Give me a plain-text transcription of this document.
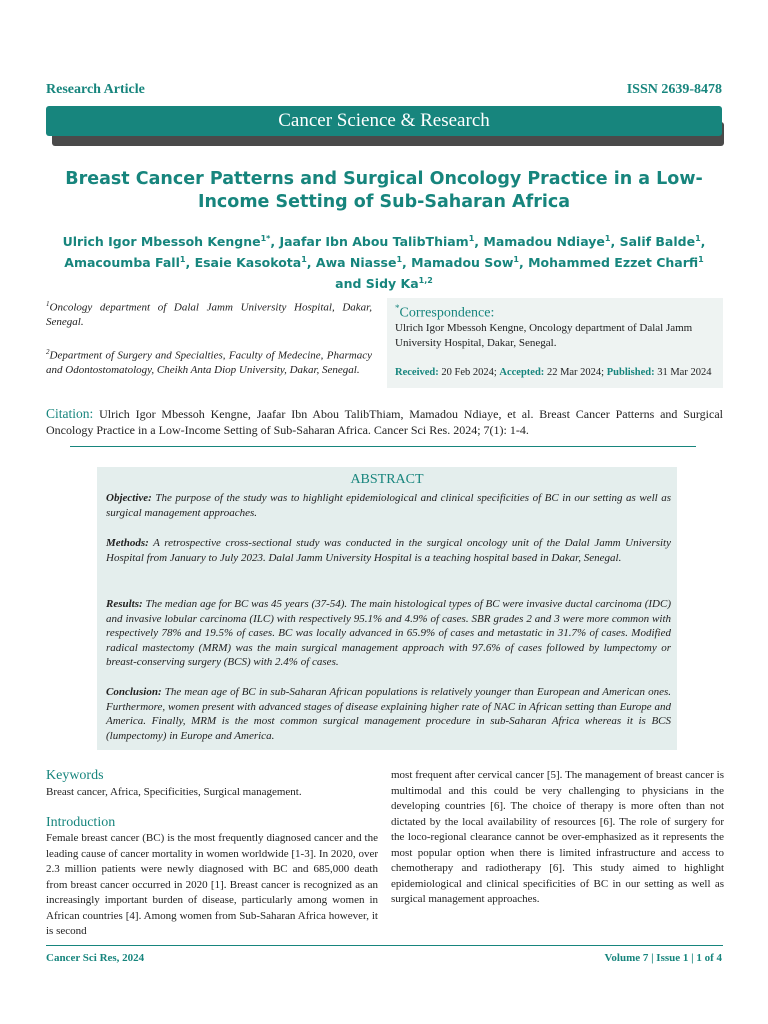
Research Article	ISSN 2639-8478
Cancer Science & Research
Breast Cancer Patterns and Surgical Oncology Practice in a Low-Income Setting of Sub-Saharan Africa
Ulrich Igor Mbessoh Kengne$^{1*}$, Jaafar Ibn Abou TalibThiam$^1$, Mamadou Ndiaye$^1$, Salif Balde$^1$, Amacoumba Fall$^1$, Esaie Kasokota$^1$, Awa Niasse$^1$, Mamadou Sow$^1$, Mohammed Ezzet Charfi$^1$ and Sidy Ka$^{1,2}$
$^1$Oncology department of Dalal Jamm University Hospital, Dakar, Senegal.
$^2$Department of Surgery and Specialties, Faculty of Medecine, Pharmacy and Odontostomatology, Cheikh Anta Diop University, Dakar, Senegal.
*Correspondence:
Ulrich Igor Mbessoh Kengne, Oncology department of Dalal Jamm University Hospital, Dakar, Senegal.
Received: 20 Feb 2024; Accepted: 22 Mar 2024; Published: 31 Mar 2024
Citation: Ulrich Igor Mbessoh Kengne, Jaafar Ibn Abou TalibThiam, Mamadou Ndiaye, et al. Breast Cancer Patterns and Surgical Oncology Practice in a Low-Income Setting of Sub-Saharan Africa. Cancer Sci Res. 2024; 7(1): 1-4.
ABSTRACT
Objective: The purpose of the study was to highlight epidemiological and clinical specificities of BC in our setting as well as surgical management approaches.
Methods: A retrospective cross-sectional study was conducted in the surgical oncology unit of the Dalal Jamm University Hospital from January to July 2023. Dalal Jamm University Hospital is a teaching hospital based in Dakar, Senegal.
Results: The median age for BC was 45 years (37-54). The main histological types of BC were invasive ductal carcinoma (IDC) and invasive lobular carcinoma (ILC) with respectively 95.1% and 4.9% of cases. SBR grades 2 and 3 were more common with respectively 78% and 19.5% of cases. BC was locally advanced in 65.9% of cases and metastatic in 31.7% of cases. Modified radical mastectomy (MRM) was the main surgical management approach with 97.6% of cases followed by lumpectomy or breast-conserving surgery (BCS) with 2.4% of cases.
Conclusion: The mean age of BC in sub-Saharan African populations is relatively younger than European and American ones. Furthermore, women present with advanced stages of disease explaining higher rate of NAC in African setting than Europe and America. Finally, MRM is the most common surgical management procedure in sub-Saharan Africa whereas it is BCS (lumpectomy) in Europe and America.
Keywords
Breast cancer, Africa, Specificities, Surgical management.
Introduction
Female breast cancer (BC) is the most frequently diagnosed cancer and the leading cause of cancer mortality in women worldwide [1-3]. In 2020, over 2.3 million patients were newly diagnosed with BC and 685,000 death from breast cancer occurred in 2020 [1]. Breast cancer is recognized as an increasingly important burden of disease, particularly among women in African countries [4]. Among women from Sub-Saharan Africa however, it is second
most frequent after cervical cancer [5]. The management of breast cancer is multimodal and this could be very challenging to physicians in the developing countries [6]. The choice of therapy is more often than not dictated by the local availability of resources [6]. The role of surgery for the loco-regional clearance cannot be over-emphasized as it represents the most popular option when there is limited infrastructure and access to chemotherapy and radiotherapy [6]. This study aimed to highlight epidemiological and clinical specificities of BC in our setting as well as surgical management approaches.
Cancer Sci Res, 2024	Volume 7 | Issue 1 | 1 of 4
